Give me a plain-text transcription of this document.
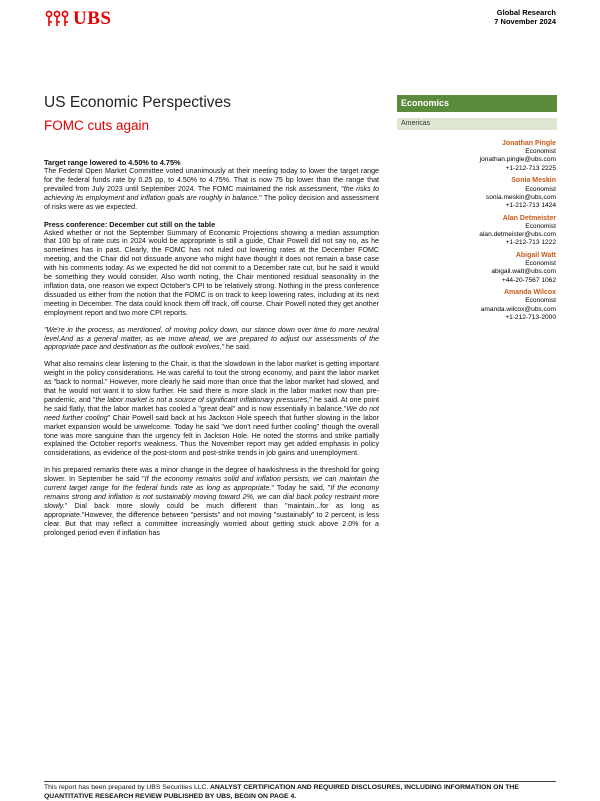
UBS	Global Research
7 November 2024
US Economic Perspectives
FOMC cuts again
Economics
Americas
Jonathan Pingle
Economist
jonathan.pingle@ubs.com
+1-212-713 2225
Sonia Meskin
Economist
sonia.meskin@ubs.com
+1-212-713 1424
Alan Detmeister
Economist
alan.detmeister@ubs.com
+1-212-713 1222
Abigail Watt
Economist
abigail.watt@ubs.com
+44-20-7567 1062
Amanda Wilcox
Economist
amanda.wilcox@ubs.com
+1-212-713-2000
Target range lowered to 4.50% to 4.75%

The Federal Open Market Committee voted unanimously at their meeting today to lower the target range for the federal funds rate by 0.25 pp, to 4.50% to 4.75%. That is now 75 bp lower than the range that prevailed from July 2023 until September 2024. The FOMC maintained the risk assessment, "the risks to achieving its employment and inflation goals are roughly in balance." The policy decision and assessment of risks were as we expected.

Press conference: December cut still on the table

Asked whether or not the September Summary of Economic Projections showing a median assumption that 100 bp of rate cuts in 2024 would be appropriate is still a guide, Chair Powell did not say no, as he sometimes has in past. Clearly, the FOMC has not ruled out lowering rates at the December FOMC meeting, and the Chair did not dissuade anyone who might have thought it does not remain a base case with his comments today. As we expected he did not commit to a December rate cut, but he said it would be something they would consider. Also worth noting, the Chair mentioned residual seasonality in the inflation data, one reason we expect October's CPI to be relatively strong. Nothing in the press conference dissuaded us either from the notion that the FOMC is on track to keep lowering rates, including at its next meeting in December. The data could knock them off track, off course. Chair Powell noted they get another employment report and two more CPI reports.

"We're in the process, as mentioned, of moving policy down, our stance down over time to more neutral level.And as a general matter, as we move ahead, we are prepared to adjust our assessments of the appropriate pace and destination as the outlook evolves," he said.

What also remains clear listening to the Chair, is that the slowdown in the labor market is getting important weight in the policy considerations. He was careful to tout the strong economy, and paint the labor market as "back to normal." However, more clearly he said more than once that the labor market had slowed, and that he would not want it to slow further. He said there is more slack in the labor market now than pre-pandemic, and "the labor market is not a source of significant inflationary pressures," he said. At one point he said flatly, that the labor market has cooled a "great deal" and is now essentially in balance."We do not need further cooling" Chair Powell said back at his Jackson Hole speech that further slowing in the labor market expansion would be unwelcome. Today he said "we don't need further cooling" though the overall tone was more sanguine than the urgency felt in Jackson Hole. He noted the storms and strike partially explained the October report's weakness. Thus the November report may get added emphasis in policy considerations, as evidence of the post-storm and post-strike trends in job gains and unemployment.

In his prepared remarks there was a minor change in the degree of hawkishness in the threshold for going slower. In September he said "If the economy remains solid and inflation persists, we can maintain the current target range for the federal funds rate as long as appropriate." Today he said, "If the economy remains strong and inflation is not sustainably moving toward 2%, we can dial back policy restraint more slowly." Dial back more slowly could be much different than "maintain...for as long as appropriate."However, the difference between "persists" and not moving "sustainably" to 2 percent, is less clear. But that may reflect a committee increasingly worried about getting stuck above 2.0% for a prolonged period even if inflation has

This report has been prepared by UBS Securities LLC. ANALYST CERTIFICATION AND REQUIRED DISCLOSURES, INCLUDING INFORMATION ON THE QUANTITATIVE RESEARCH REVIEW PUBLISHED BY UBS, BEGIN ON PAGE 4.
